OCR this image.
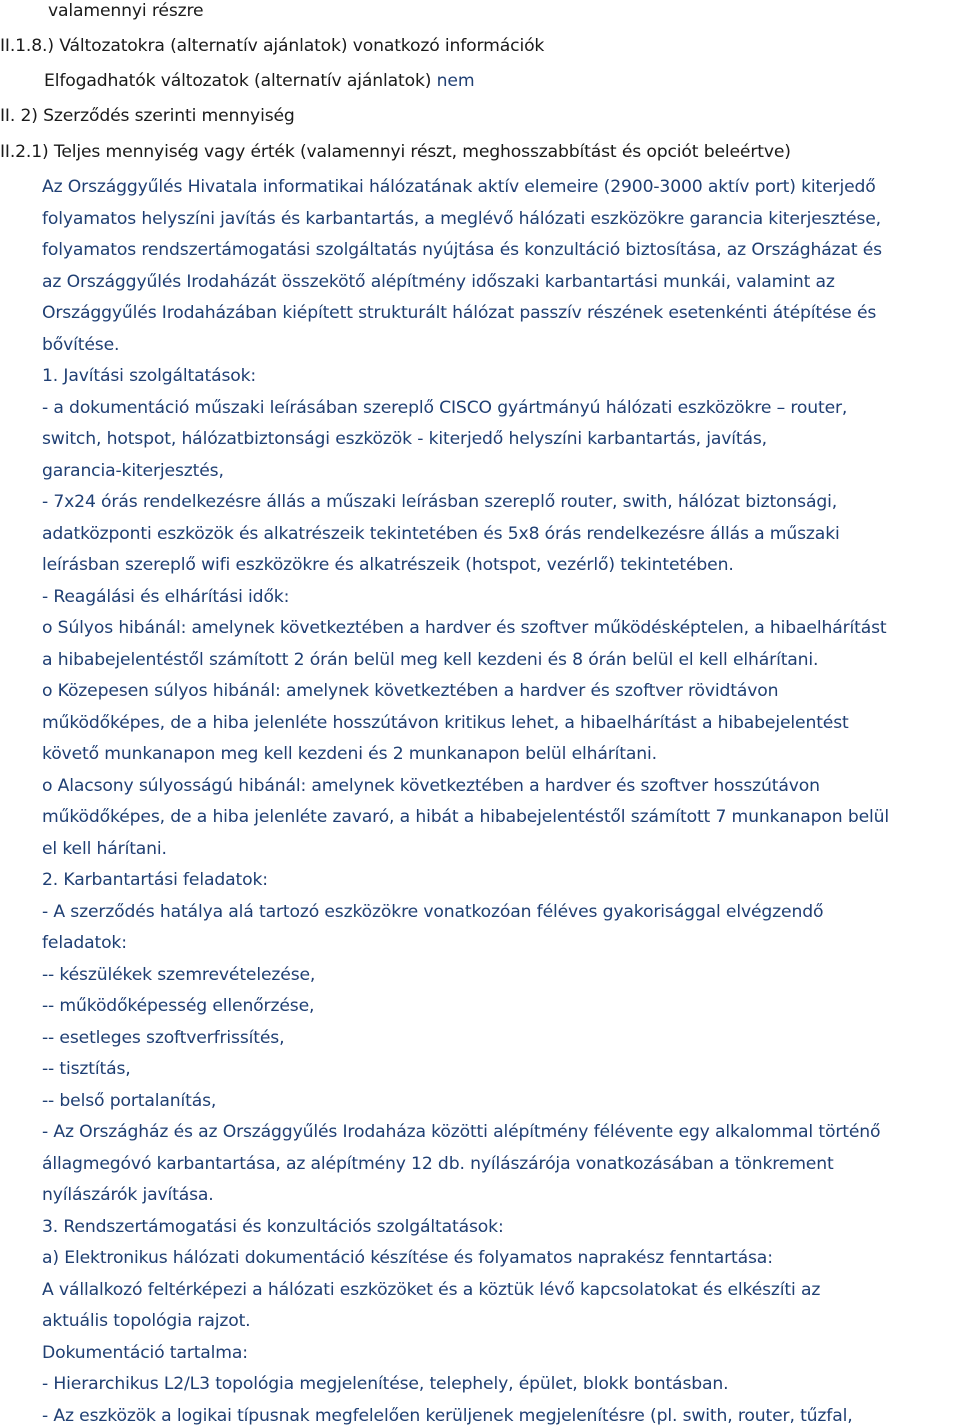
valamennyi részre
II.1.8.) Változatokra (alternatív ajánlatok) vonatkozó információk
Elfogadhatók változatok (alternatív ajánlatok) nem
II. 2) Szerződés szerinti mennyiség
II.2.1) Teljes mennyiség vagy érték (valamennyi részt, meghosszabbítást és opciót beleértve)
Az Országgyűlés Hivatala informatikai hálózatának aktív elemeire (2900-3000 aktív port) kiterjedő
folyamatos helyszíni javítás és karbantartás, a meglévő hálózati eszközökre garancia kiterjesztése,
folyamatos rendszertámogatási szolgáltatás nyújtása és konzultáció biztosítása, az Országházat és
az Országgyűlés Irodaházát összekötő alépítmény időszaki karbantartási munkái, valamint az
Országgyűlés Irodaházában kiépített strukturált hálózat passzív részének esetenkénti átépítése és
bővítése.
1. Javítási szolgáltatások:
- a dokumentáció műszaki leírásában szereplő CISCO gyártmányú hálózati eszközökre – router,
switch, hotspot, hálózatbiztonsági eszközök - kiterjedő helyszíni karbantartás, javítás,
garancia-kiterjesztés,
- 7x24 órás rendelkezésre állás a műszaki leírásban szereplő router, swith, hálózat biztonsági,
adatközponti eszközök és alkatrészeik tekintetében és 5x8 órás rendelkezésre állás a műszaki
leírásban szereplő wifi eszközökre és alkatrészeik (hotspot, vezérlő) tekintetében.
- Reagálási és elhárítási idők:
o Súlyos hibánál: amelynek következtében a hardver és szoftver működésképtelen, a hibaelhárítást
a hibabejelentéstől számított 2 órán belül meg kell kezdeni és 8 órán belül el kell elhárítani.
o Közepesen súlyos hibánál: amelynek következtében a hardver és szoftver rövidtávon
működőképes, de a hiba jelenléte hosszútávon kritikus lehet, a hibaelhárítást a hibabejelentést
követő munkanapon meg kell kezdeni és 2 munkanapon belül elhárítani.
o Alacsony súlyosságú hibánál: amelynek következtében a hardver és szoftver hosszútávon
működőképes, de a hiba jelenléte zavaró, a hibát a hibabejelentéstől számított 7 munkanapon belül
el kell hárítani.
2. Karbantartási feladatok:
- A szerződés hatálya alá tartozó eszközökre vonatkozóan féléves gyakorisággal elvégzendő
feladatok:
-- készülékek szemrevételezése,
-- működőképesség ellenőrzése,
-- esetleges szoftverfrissítés,
-- tisztítás,
-- belső portalanítás,
- Az Országház és az Országgyűlés Irodaháza közötti alépítmény félévente egy alkalommal történő
állagmegóvó karbantartása, az alépítmény 12 db. nyílászárója vonatkozásában a tönkrement
nyílászárók javítása.
3. Rendszertámogatási és konzultációs szolgáltatások:
a) Elektronikus hálózati dokumentáció készítése és folyamatos naprakész fenntartása:
A vállalkozó feltérképezi a hálózati eszközöket és a köztük lévő kapcsolatokat és elkészíti az
aktuális topológia rajzot.
Dokumentáció tartalma:
- Hierarchikus L2/L3 topológia megjelenítése, telephely, épület, blokk bontásban.
- Az eszközök a logikai típusnak megfelelően kerüljenek megjelenítésre (pl. swith, router, tűzfal,
